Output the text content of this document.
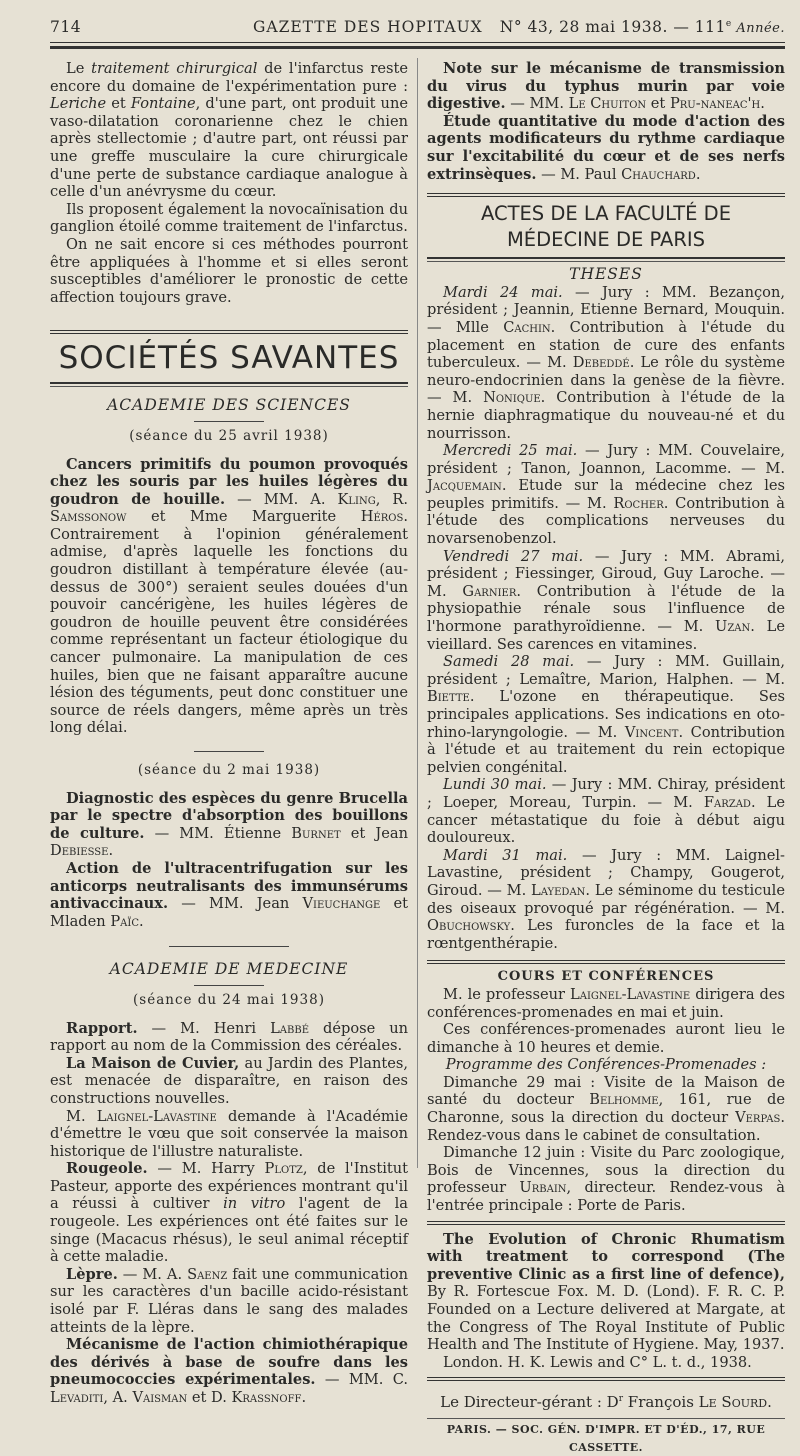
714	GAZETTE DES HOPITAUX N° 43, 28 mai 1938. — 111e Année.

Le traitement chirurgical de l'infarctus reste encore du domaine de l'expérimentation pure : Leriche et Fontaine, d'une part, ont produit une vaso-dilatation coronarienne chez le chien après stellectomie ; d'autre part, ont réussi par une greffe musculaire la cure chirurgicale d'une perte de substance cardiaque analogue à celle d'un anévrysme du cœur.

Ils proposent également la novocaïnisation du ganglion étoilé comme traitement de l'infarctus.

On ne sait encore si ces méthodes pourront être appliquées à l'homme et si elles seront susceptibles d'améliorer le pronostic de cette affection toujours grave.

SOCIÉTÉS SAVANTES
ACADEMIE DES SCIENCES
(séance du 25 avril 1938)

Cancers primitifs du poumon provoqués chez les souris par les huiles légères du goudron de houille. — MM. A. Kling, R. Samssonow et Mme Marguerite Héros. Contrairement à l'opinion généralement admise, d'après laquelle les fonctions du goudron distillant à température élevée (au-dessus de 300°) seraient seules douées d'un pouvoir cancérigène, les huiles légères de goudron de houille peuvent être considérées comme représentant un facteur étiologique du cancer pulmonaire. La manipulation de ces huiles, bien que ne faisant apparaître aucune lésion des téguments, peut donc constituer une source de réels dangers, même après un très long délai.

(séance du 2 mai 1938)

Diagnostic des espèces du genre Brucella par le spectre d'absorption des bouillons de culture. — MM. Étienne Burnet et Jean Debiesse.

Action de l'ultracentrifugation sur les anticorps neutralisants des immunsérums antivaccinaux. — MM. Jean Vieuchange et Mladen Païc.

ACADEMIE DE MEDECINE
(séance du 24 mai 1938)

Rapport. — M. Henri Labbé dépose un rapport au nom de la Commission des céréales.

La Maison de Cuvier, au Jardin des Plantes, est menacée de disparaître, en raison des constructions nouvelles.

M. Laignel-Lavastine demande à l'Académie d'émettre le vœu que soit conservée la maison historique de l'illustre naturaliste.

Rougeole. — M. Harry Plotz, de l'Institut Pasteur, apporte des expériences montrant qu'il a réussi à cultiver in vitro l'agent de la rougeole. Les expériences ont été faites sur le singe (Macacus rhésus), le seul animal réceptif à cette maladie.

Lèpre. — M. A. Saenz fait une communication sur les caractères d'un bacille acido-résistant isolé par F. Lléras dans le sang des malades atteints de la lèpre.

Mécanisme de l'action chimiothérapique des dérivés à base de soufre dans les pneumococcies expérimentales. — MM. C. Levaditi, A. Vaisman et D. Krassnoff.

Note sur le mécanisme de transmission du virus du typhus murin par voie digestive. — MM. Le Chuiton et Pru-naneac'h.

Étude quantitative du mode d'action des agents modificateurs du rythme cardiaque sur l'excitabilité du cœur et de ses nerfs extrinsèques. — M. Paul Chauchard.

ACTES DE LA FACULTÉ DE MÉDECINE DE PARIS
THESES

Mardi 24 mai. — Jury : MM. Bezançon, président ; Jeannin, Etienne Bernard, Mouquin. — Mlle Cachin. Contribution à l'étude du placement en station de cure des enfants tuberculeux. — M. Debeddé. Le rôle du système neuro-endocrinien dans la genèse de la fièvre. — M. Nonique. Contribution à l'étude de la hernie diaphragmatique du nouveau-né et du nourrisson.

Mercredi 25 mai. — Jury : MM. Couvelaire, président ; Tanon, Joannon, Lacomme. — M. Jacquemain. Etude sur la médecine chez les peuples primitifs. — M. Rocher. Contribution à l'étude des complications nerveuses du novarsenobenzol.

Vendredi 27 mai. — Jury : MM. Abrami, président ; Fiessinger, Giroud, Guy Laroche. — M. Garnier. Contribution à l'étude de la physiopathie rénale sous l'influence de l'hormone parathyroïdienne. — M. Uzan. Le vieillard. Ses carences en vitamines.

Samedi 28 mai. — Jury : MM. Guillain, président ; Lemaître, Marion, Halphen. — M. Biette. L'ozone en thérapeutique. Ses principales applications. Ses indications en oto-rhino-laryngologie. — M. Vincent. Contribution à l'étude et au traitement du rein ectopique pelvien congénital.

Lundi 30 mai. — Jury : MM. Chiray, président ; Loeper, Moreau, Turpin. — M. Farzad. Le cancer métastatique du foie à début aigu douloureux.

Mardi 31 mai. — Jury : MM. Laignel-Lavastine, président ; Champy, Gougerot, Giroud. — M. Layedan. Le séminome du testicule des oiseaux provoqué par régénération. — M. Obuchowsky. Les furoncles de la face et la rœntgenthérapie.

COURS ET CONFÉRENCES

M. le professeur Laignel-Lavastine dirigera des conférences-promenades en mai et juin.

Ces conférences-promenades auront lieu le dimanche à 10 heures et demie.

Programme des Conférences-Promenades :

Dimanche 29 mai : Visite de la Maison de santé du docteur Belhomme, 161, rue de Charonne, sous la direction du docteur Verpas. Rendez-vous dans le cabinet de consultation.

Dimanche 12 juin : Visite du Parc zoologique, Bois de Vincennes, sous la direction du professeur Urbain, directeur. Rendez-vous à l'entrée principale : Porte de Paris.

The Evolution of Chronic Rhumatism with treatment to correspond (The preventive Clinic as a first line of defence), By R. Fortescue Fox. M. D. (Lond). F. R. C. P. Founded on a Lecture delivered at Margate, at the Congress of The Royal Institute of Public Health and The Institute of Hygiene. May, 1937.

London. H. K. Lewis and C° L. t. d., 1938.

Le Directeur-gérant : $D^r$ François Le Sourd.
PARIS. — SOC. GÉN. D'IMPR. ET D'ÉD., 17, RUE CASSETTE.
